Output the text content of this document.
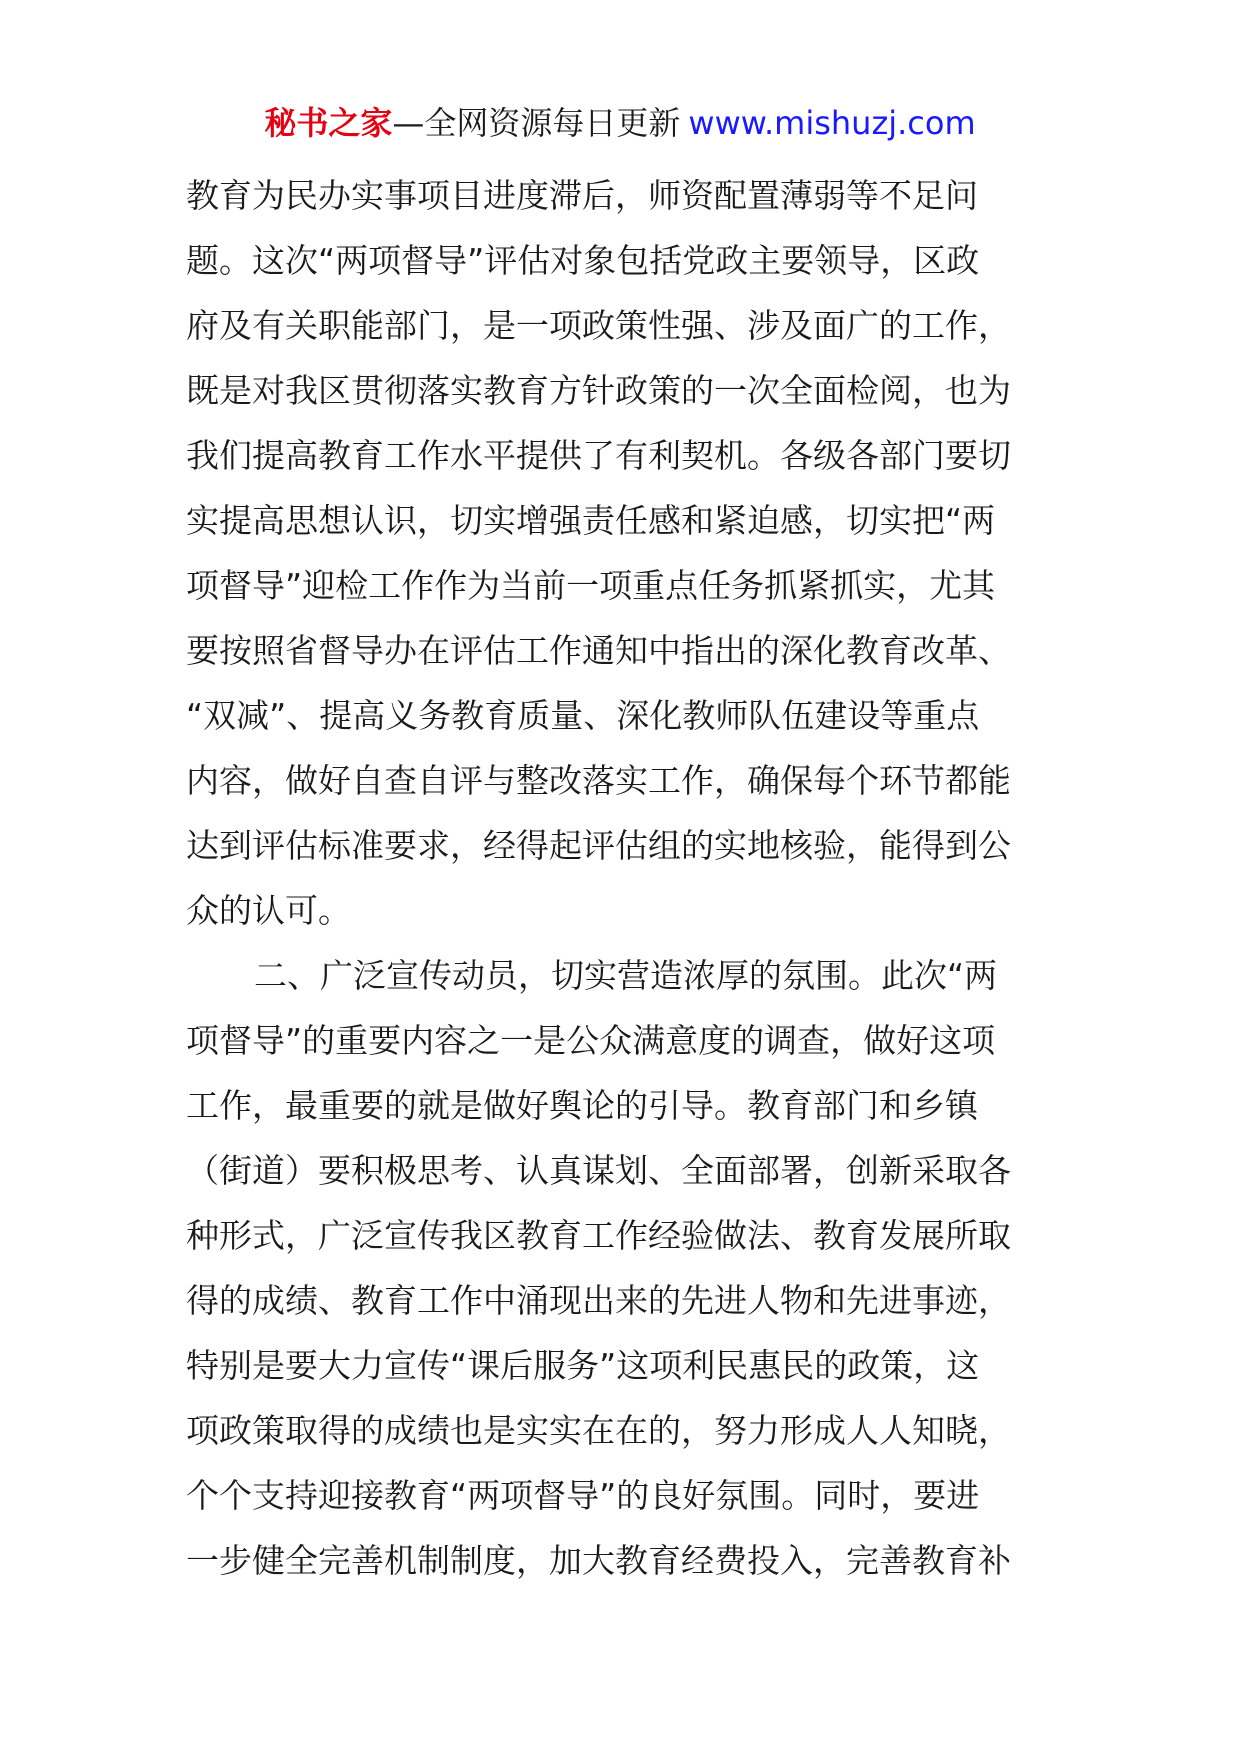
秘书之家—全网资源每日更新 www.mishuzj.com
教育为民办实事项目进度滞后，师资配置薄弱等不足问
题。这次“两项督导”评估对象包括党政主要领导，区政
府及有关职能部门，是一项政策性强、涉及面广的工作，
既是对我区贯彻落实教育方针政策的一次全面检阅，也为
我们提高教育工作水平提供了有利契机。各级各部门要切
实提高思想认识，切实增强责任感和紧迫感，切实把“两
项督导”迎检工作作为当前一项重点任务抓紧抓实，尤其
要按照省督导办在评估工作通知中指出的深化教育改革、
“双减”、提高义务教育质量、深化教师队伍建设等重点
内容，做好自查自评与整改落实工作，确保每个环节都能
达到评估标准要求，经得起评估组的实地核验，能得到公
众的认可。
二、广泛宣传动员，切实营造浓厚的氛围。此次“两
项督导”的重要内容之一是公众满意度的调查，做好这项
工作，最重要的就是做好舆论的引导。教育部门和乡镇
（街道）要积极思考、认真谋划、全面部署，创新采取各
种形式，广泛宣传我区教育工作经验做法、教育发展所取
得的成绩、教育工作中涌现出来的先进人物和先进事迹，
特别是要大力宣传“课后服务”这项利民惠民的政策，这
项政策取得的成绩也是实实在在的，努力形成人人知晓，
个个支持迎接教育“两项督导”的良好氛围。同时，要进
一步健全完善机制制度，加大教育经费投入，完善教育补
